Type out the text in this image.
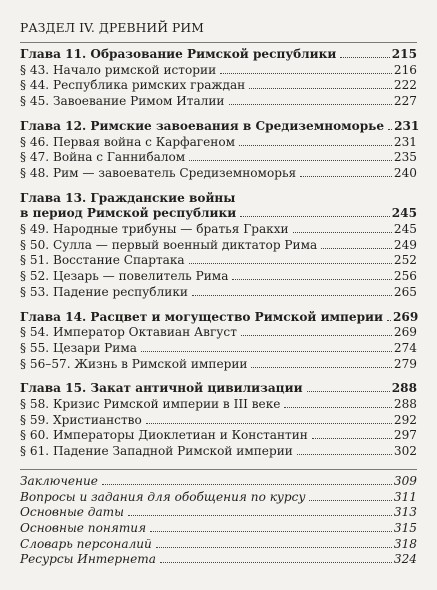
РАЗДЕЛ IV. ДРЕВНИЙ РИМ
Глава 11. Образование Римской республики	215
§ 43. Начало римской истории	216
§ 44. Республика римских граждан	222
§ 45. Завоевание Римом Италии	227
Глава 12. Римские завоевания в Средиземноморье 231
§ 46. Первая война с Карфагеном	231
§ 47. Война с Ганнибалом	235
§ 48. Рим — завоеватель Средиземноморья	240
Глава 13. Гражданские войны
в период Римской республики	245
§ 49. Народные трибуны — братья Гракхи	245
§ 50. Сулла — первый военный диктатор Рима	249
§ 51. Восстание Спартака	252
§ 52. Цезарь — повелитель Рима	256
§ 53. Падение республики	265
Глава 14. Расцвет и могущество Римской империи 269
§ 54. Император Октавиан Август	269
§ 55. Цезари Рима	274
§ 56–57. Жизнь в Римской империи	279
Глава 15. Закат античной цивилизации	288
§ 58. Кризис Римской империи в III веке	288
§ 59. Христианство	292
§ 60. Императоры Диоклетиан и Константин	297
§ 61. Падение Западной Римской империи	302
Заключение	309
Вопросы и задания для обобщения по курсу	311
Основные даты	313
Основные понятия	315
Словарь персоналий	318
Ресурсы Интернета	324
